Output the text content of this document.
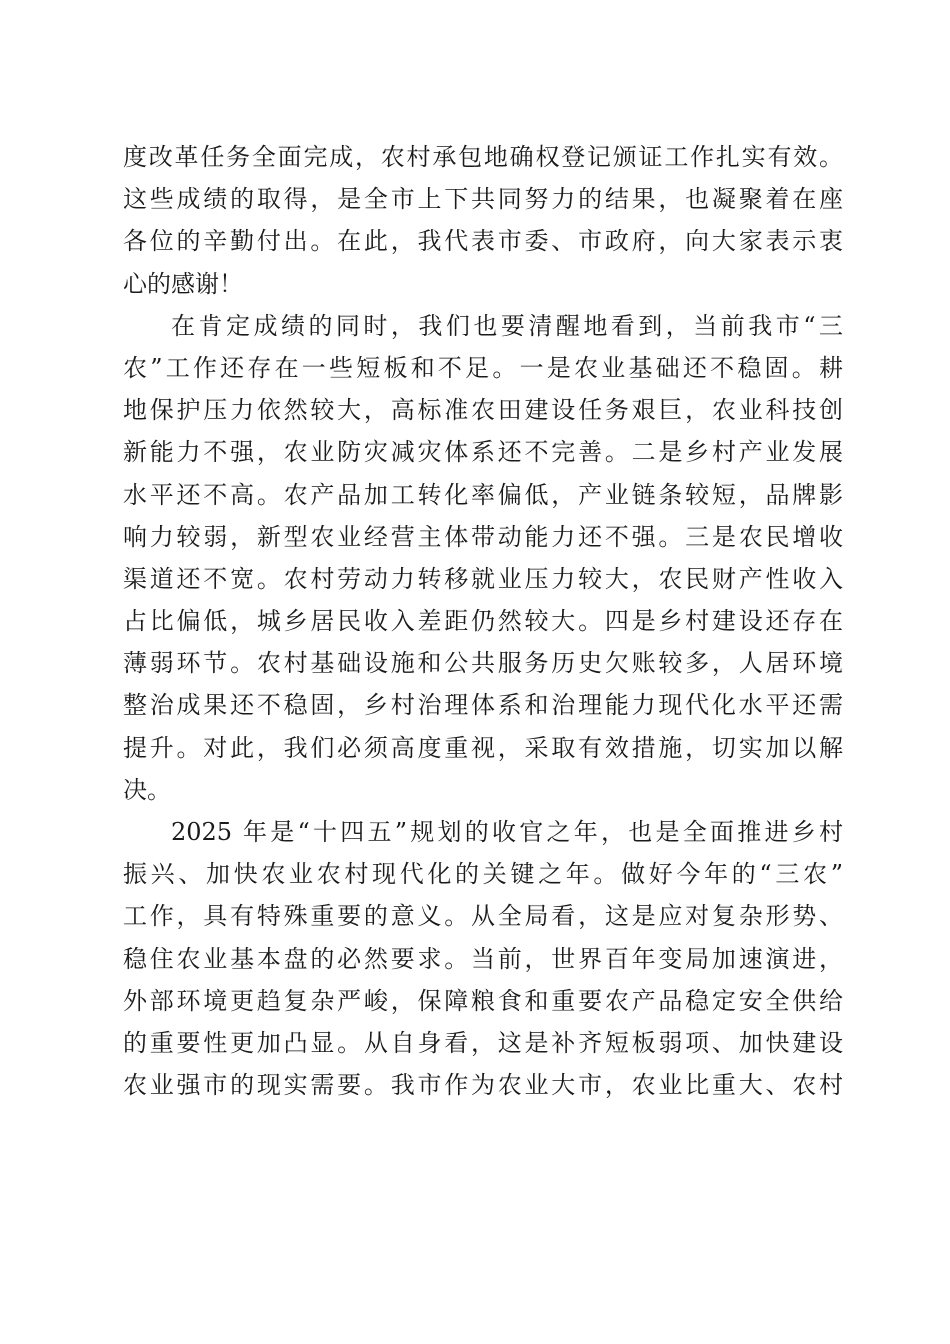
度改革任务全面完成，农村承包地确权登记颁证工作扎实有效。
这些成绩的取得，是全市上下共同努力的结果，也凝聚着在座
各位的辛勤付出。在此，我代表市委、市政府，向大家表示衷
心的感谢！
在肯定成绩的同时，我们也要清醒地看到，当前我市“三
农”工作还存在一些短板和不足。一是农业基础还不稳固。耕
地保护压力依然较大，高标准农田建设任务艰巨，农业科技创
新能力不强，农业防灾减灾体系还不完善。二是乡村产业发展
水平还不高。农产品加工转化率偏低，产业链条较短，品牌影
响力较弱，新型农业经营主体带动能力还不强。三是农民增收
渠道还不宽。农村劳动力转移就业压力较大，农民财产性收入
占比偏低，城乡居民收入差距仍然较大。四是乡村建设还存在
薄弱环节。农村基础设施和公共服务历史欠账较多，人居环境
整治成果还不稳固，乡村治理体系和治理能力现代化水平还需
提升。对此，我们必须高度重视，采取有效措施，切实加以解
决。
2025 年是“十四五”规划的收官之年，也是全面推进乡村
振兴、加快农业农村现代化的关键之年。做好今年的“三农”
工作，具有特殊重要的意义。从全局看，这是应对复杂形势、
稳住农业基本盘的必然要求。当前，世界百年变局加速演进，
外部环境更趋复杂严峻，保障粮食和重要农产品稳定安全供给
的重要性更加凸显。从自身看，这是补齐短板弱项、加快建设
农业强市的现实需要。我市作为农业大市，农业比重大、农村
